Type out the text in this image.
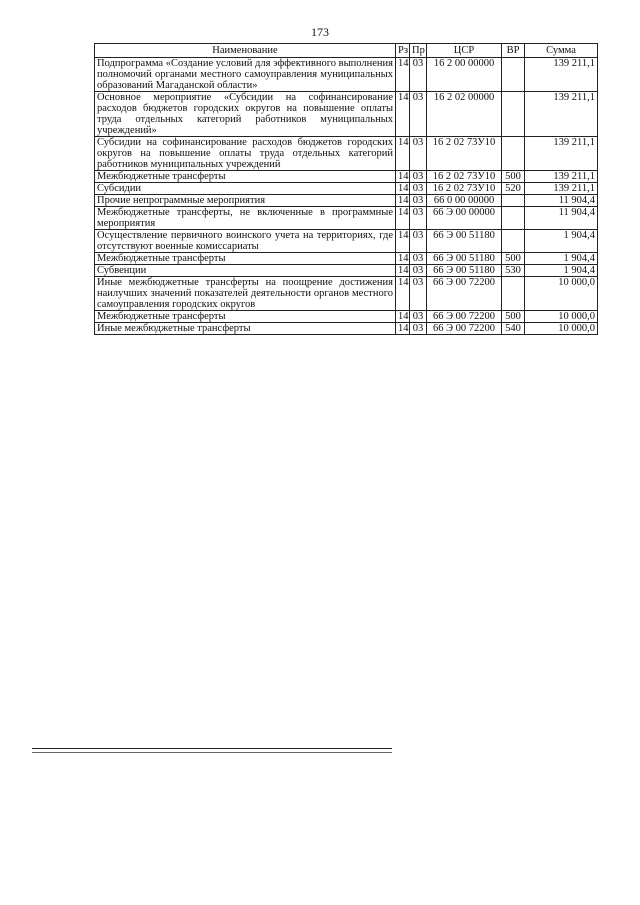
173
Наименование	Рз	Пр	ЦСР	ВР	Сумма
Подпрограмма «Создание условий для эффективного выполнения полномочий органами местного самоуправления муниципальных образований Магаданской области»	14	03	16 2 00 00000		139 211,1
Основное мероприятие «Субсидии на софинансирование расходов бюджетов городских округов на повышение оплаты труда отдельных категорий работников муниципальных учреждений»	14	03	16 2 02 00000		139 211,1
Субсидии на софинансирование расходов бюджетов городских округов на повышение оплаты труда отдельных категорий работников муниципальных учреждений	14	03	16 2 02 73У10		139 211,1
Межбюджетные трансферты	14	03	16 2 02 73У10	500	139 211,1
Субсидии	14	03	16 2 02 73У10	520	139 211,1
Прочие непрограммные мероприятия	14	03	66 0 00 00000		11 904,4
Межбюджетные трансферты, не включенные в программные мероприятия	14	03	66 Э 00 00000		11 904,4
Осуществление первичного воинского учета на территориях, где отсутствуют военные комиссариаты	14	03	66 Э 00 51180		1 904,4
Межбюджетные трансферты	14	03	66 Э 00 51180	500	1 904,4
Субвенции	14	03	66 Э 00 51180	530	1 904,4
Иные межбюджетные трансферты на поощрение достижения наилучших значений показателей деятельности органов местного самоуправления городских округов	14	03	66 Э 00 72200		10 000,0
Межбюджетные трансферты	14	03	66 Э 00 72200	500	10 000,0
Иные межбюджетные трансферты	14	03	66 Э 00 72200	540	10 000,0
